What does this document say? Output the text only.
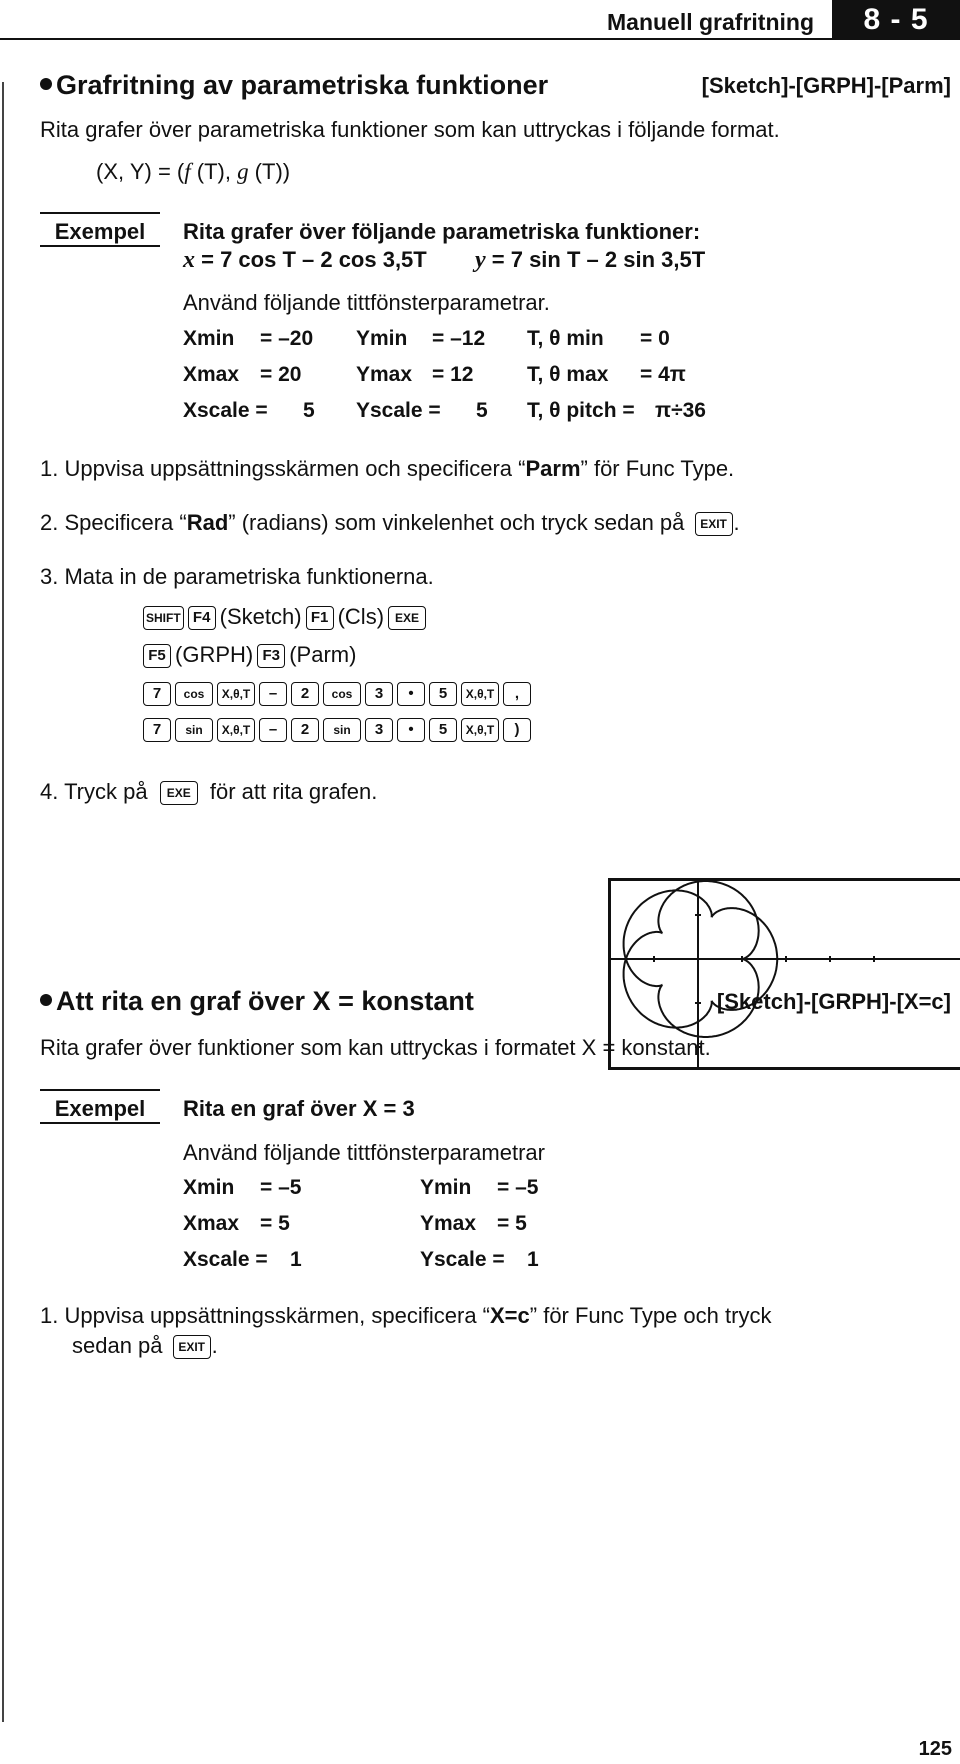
Manuell grafritning	8 - 5
Grafritning av parametriska funktioner	[Sketch]-[GRPH]-[Parm]
Rita grafer över parametriska funktioner som kan uttryckas i följande format.
(X, Y) = (f (T), g (T))
Exempel	Rita grafer över följande parametriska funktioner:
x = 7 cos T – 2 cos 3,5T y = 7 sin T – 2 sin 3,5T
Använd följande tittfönsterparametrar.
Xmin = –20 Ymin = –12 T, θ min = 0
Xmax = 20	Ymax = 12	T, θ max = 4π
Xscale = 5 Yscale = 5 T, θ pitch = π÷36
1. Uppvisa uppsättningsskärmen och specificera “Parm” för Func Type.
2. Specificera “Rad” (radians) som vinkelenhet och tryck sedan på EXIT .
3. Mata in de parametriska funktionerna.
SHIFT F4 (Sketch) F1 (Cls) EXE
F5 (GRPH) F3 (Parm)
7 cos X,θ,T – 2 cos 3 • 5 X,θ,T ,
7 sin X,θ,T – 2 sin 3 • 5 X,θ,T )
4. Tryck på EXE för att rita grafen.
Att rita en graf över X = konstant	[Sketch]-[GRPH]-[X=c]
Rita grafer över funktioner som kan uttryckas i formatet X = konstant.
Exempel	Rita en graf över X = 3
Använd följande tittfönsterparametrar
Xmin = –5	Ymin = –5
Xmax = 5	Ymax = 5
Xscale = 1	Yscale = 1
1. Uppvisa uppsättningsskärmen, specificera “X=c” för Func Type och tryck
sedan på EXIT .
125
